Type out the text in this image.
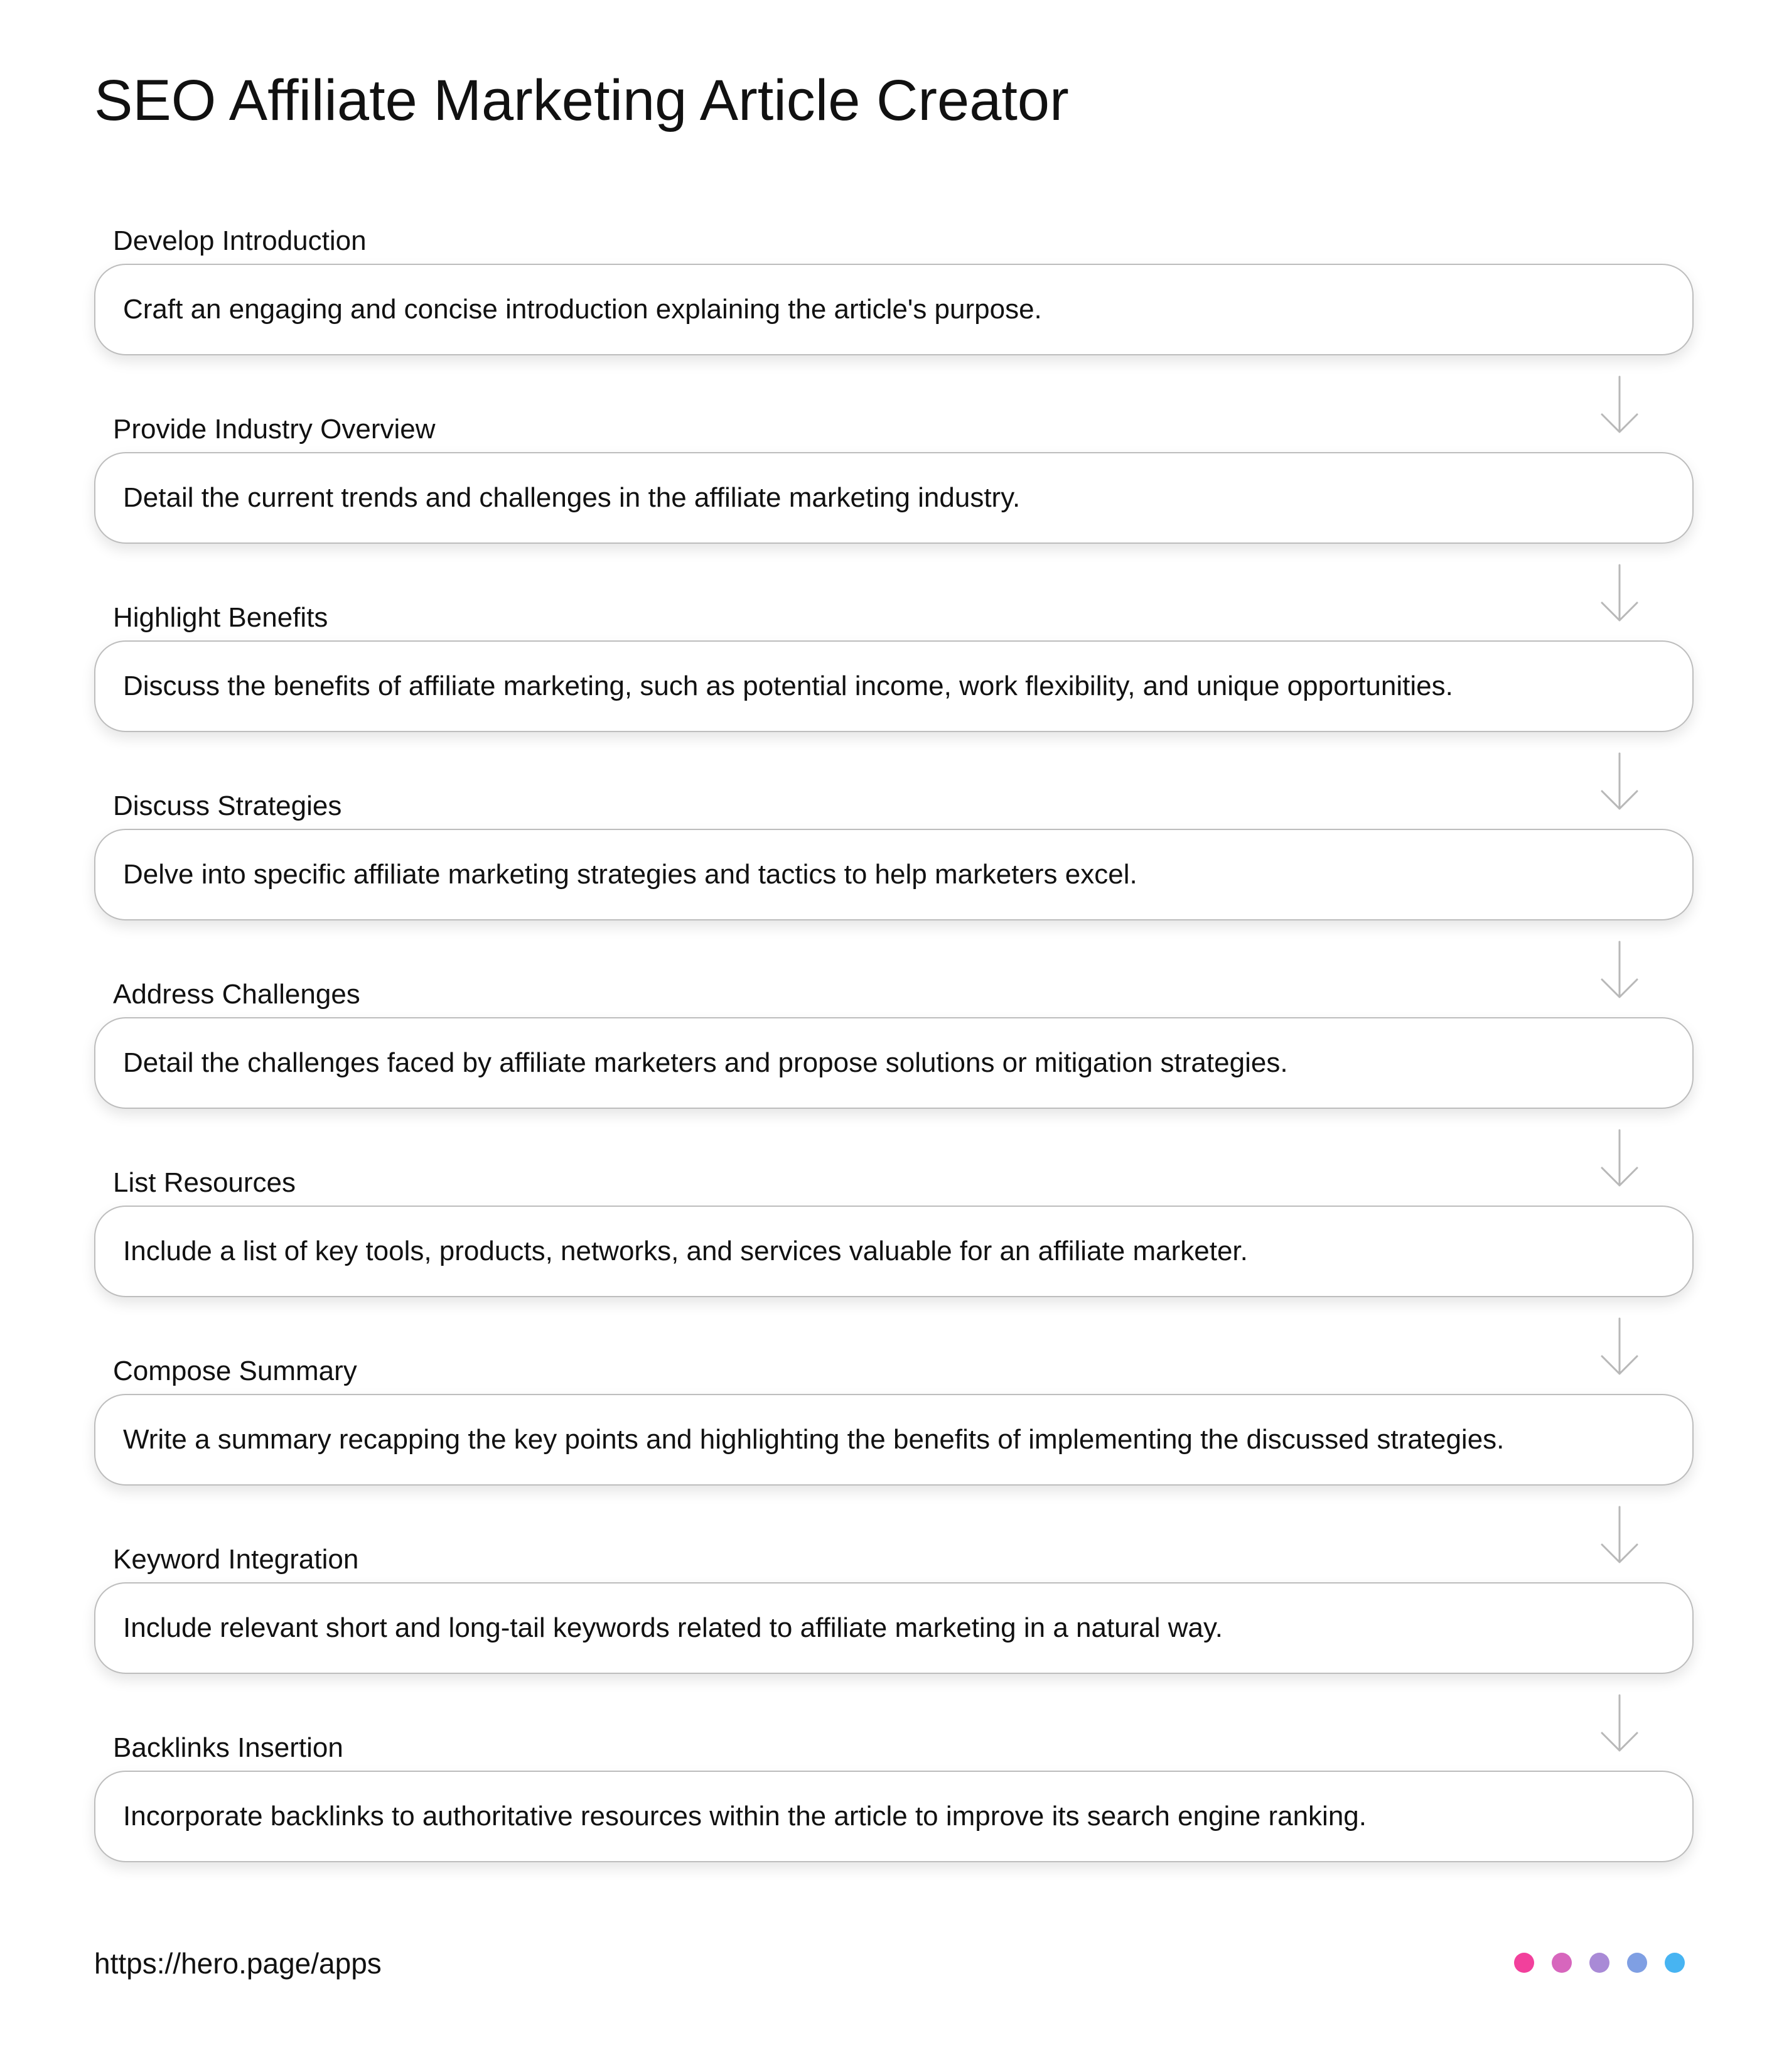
SEO Affiliate Marketing Article Creator
Develop Introduction
Craft an engaging and concise introduction explaining the article's purpose.
Provide Industry Overview
Detail the current trends and challenges in the affiliate marketing industry.
Highlight Benefits
Discuss the benefits of affiliate marketing, such as potential income, work flexibility, and unique opportunities.
Discuss Strategies
Delve into specific affiliate marketing strategies and tactics to help marketers excel.
Address Challenges
Detail the challenges faced by affiliate marketers and propose solutions or mitigation strategies.
List Resources
Include a list of key tools, products, networks, and services valuable for an affiliate marketer.
Compose Summary
Write a summary recapping the key points and highlighting the benefits of implementing the discussed strategies.
Keyword Integration
Include relevant short and long-tail keywords related to affiliate marketing in a natural way.
Backlinks Insertion
Incorporate backlinks to authoritative resources within the article to improve its search engine ranking.
https://hero.page/apps
